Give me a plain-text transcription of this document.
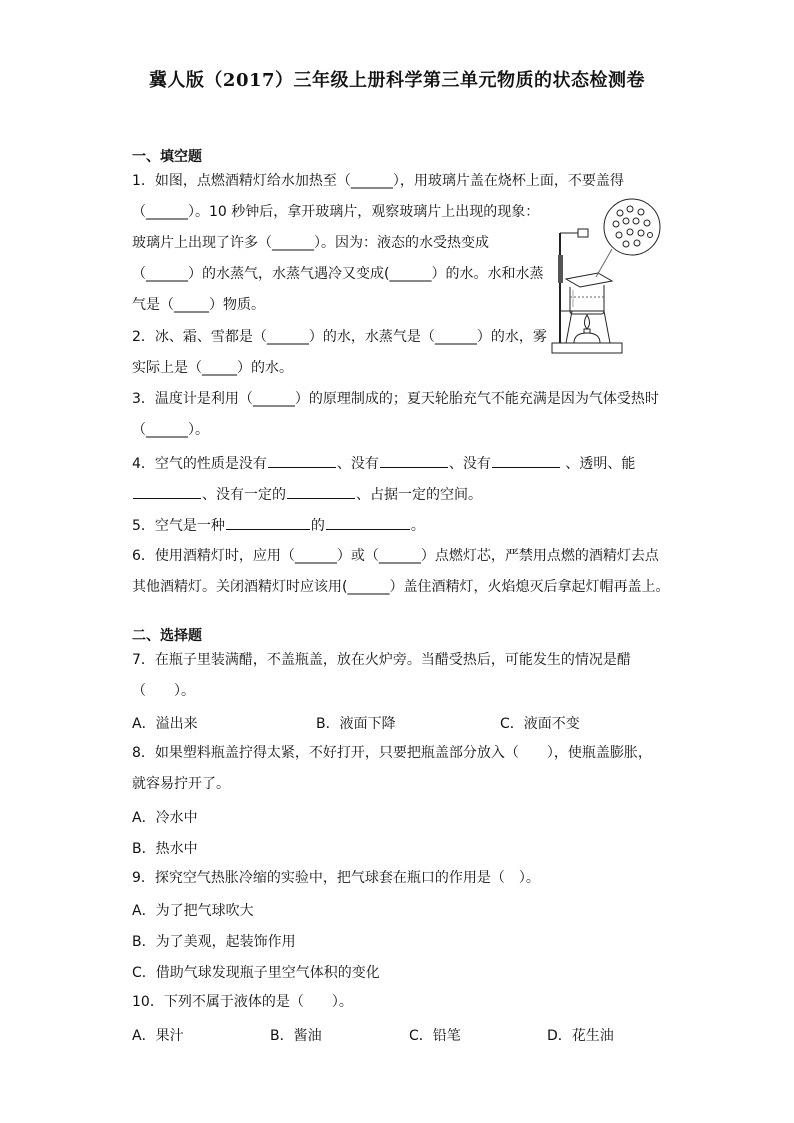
冀人版（2017）三年级上册科学第三单元物质的状态检测卷
一、填空题
1．如图，点燃酒精灯给水加热至（______），用玻璃片盖在烧杯上面，不要盖得
（______）。10 秒钟后，拿开玻璃片，观察玻璃片上出现的现象：
玻璃片上出现了许多（______）。因为：液态的水受热变成
（______）的水蒸气，水蒸气遇冷又变成(______）的水。水和水蒸
气是（_____）物质。
2．冰、霜、雪都是（______）的水，水蒸气是（______）的水，雾
实际上是（_____）的水。
3．温度计是利用（______）的原理制成的；夏天轮胎充气不能充满是因为气体受热时
（______）。
4．空气的性质是没有	、没有	、没有	、透明、能
、没有一定的	、占据一定的空间。
5．空气是一种	的	。
6．使用酒精灯时，应用（______）或（______）点燃灯芯，严禁用点燃的酒精灯去点
其他酒精灯。关闭酒精灯时应该用(______）盖住酒精灯，火焰熄灭后拿起灯帽再盖上。
二、选择题
7．在瓶子里装满醋，不盖瓶盖，放在火炉旁。当醋受热后，可能发生的情况是醋
（　　）。
A．溢出来	B．液面下降	C．液面不变
8．如果塑料瓶盖拧得太紧，不好打开，只要把瓶盖部分放入（　　），使瓶盖膨胀，
就容易拧开了。
A．冷水中
B．热水中
9．探究空气热胀冷缩的实验中，把气球套在瓶口的作用是（　）。
A．为了把气球吹大
B．为了美观，起装饰作用
C．借助气球发现瓶子里空气体积的变化
10．下列不属于液体的是（　　）。
A．果汁	B．酱油	C．铅笔	D．花生油
